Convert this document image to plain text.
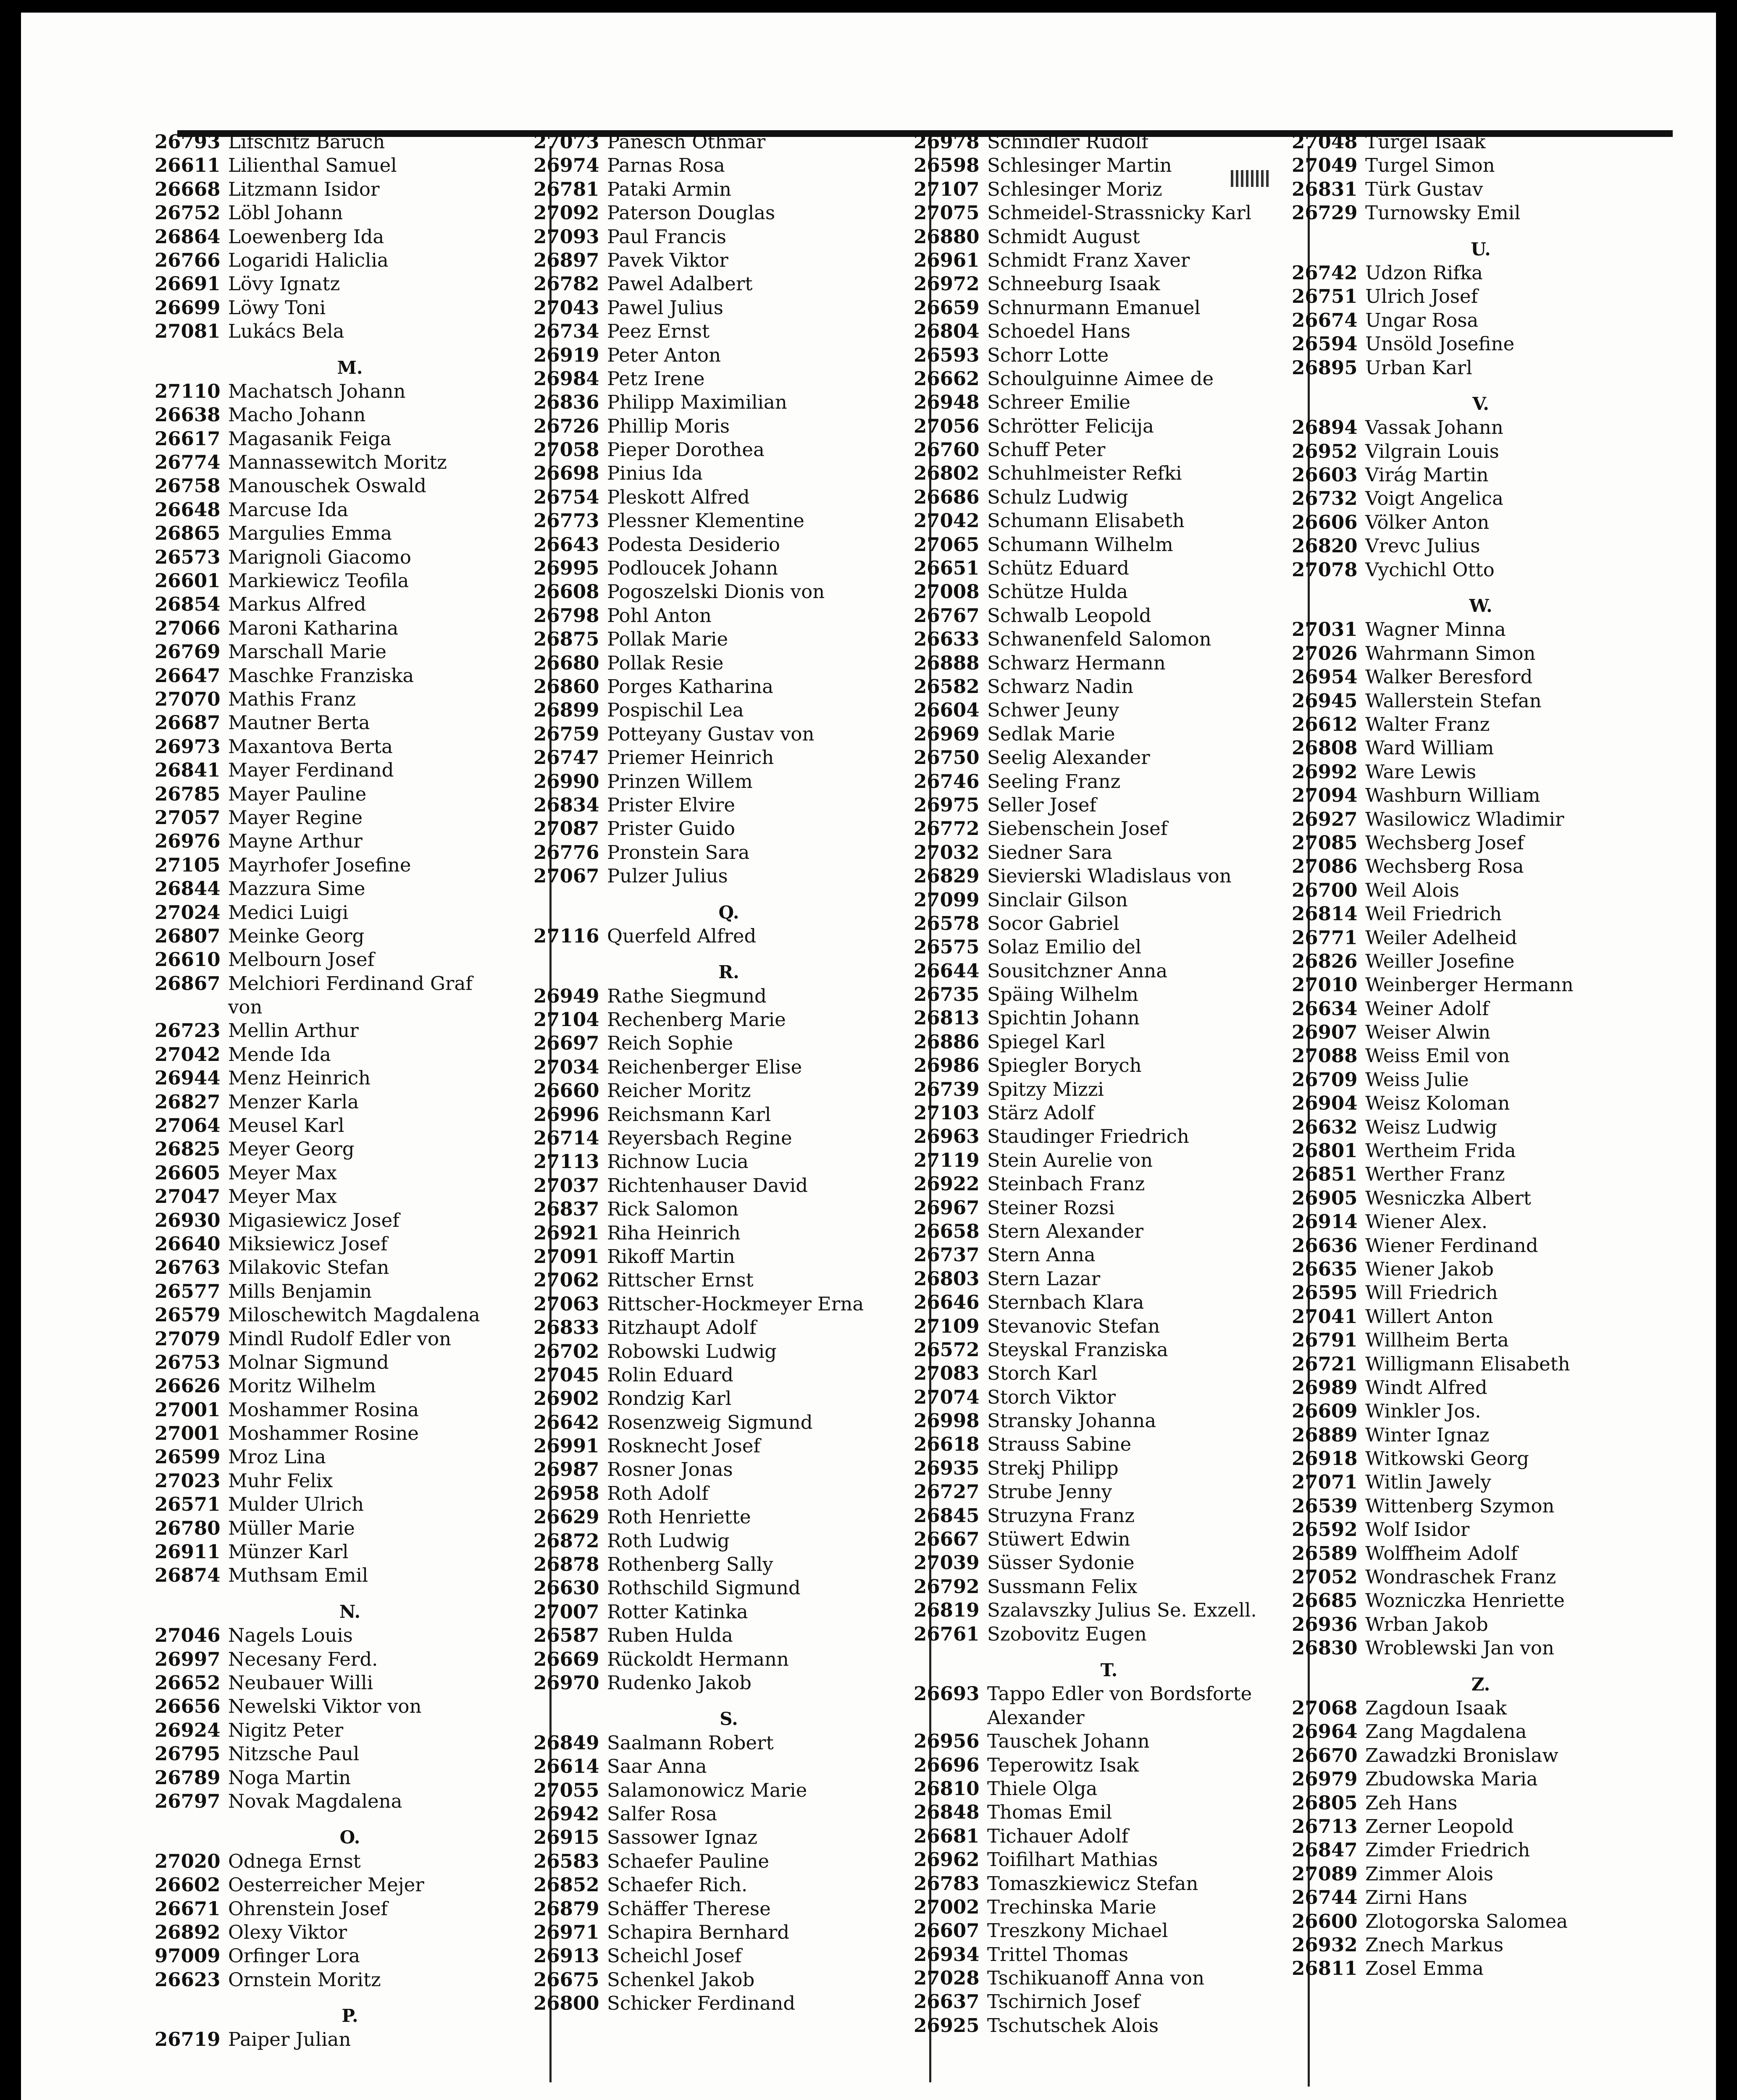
26793 Lifschitz Baruch
26611 Lilienthal Samuel
26668 Litzmann Isidor
26752 Löbl Johann
26864 Loewenberg Ida
26766 Logaridi Haliclia
26691 Lövy Ignatz
26699 Löwy Toni
27081 Lukács Bela
M.
27110 Machatsch Johann
26638 Macho Johann
26617 Magasanik Feiga
26774 Mannassewitch Moritz
26758 Manouschek Oswald
26648 Marcuse Ida
26865 Margulies Emma
26573 Marignoli Giacomo
26601 Markiewicz Teofila
26854 Markus Alfred
27066 Maroni Katharina
26769 Marschall Marie
26647 Maschke Franziska
27070 Mathis Franz
26687 Mautner Berta
26973 Maxantova Berta
26841 Mayer Ferdinand
26785 Mayer Pauline
27057 Mayer Regine
26976 Mayne Arthur
27105 Mayrhofer Josefine
26844 Mazzura Sime
27024 Medici Luigi
26807 Meinke Georg
26610 Melbourn Josef
26867 Melchiori Ferdinand Graf
von
26723 Mellin Arthur
27042 Mende Ida
26944 Menz Heinrich
26827 Menzer Karla
27064 Meusel Karl
26825 Meyer Georg
26605 Meyer Max
27047 Meyer Max
26930 Migasiewicz Josef
26640 Miksiewicz Josef
26763 Milakovic Stefan
26577 Mills Benjamin
26579 Miloschewitch Magdalena
27079 Mindl Rudolf Edler von
26753 Molnar Sigmund
26626 Moritz Wilhelm
27001 Moshammer Rosina
27001 Moshammer Rosine
26599 Mroz Lina
27023 Muhr Felix
26571 Mulder Ulrich
26780 Müller Marie
26911 Münzer Karl
26874 Muthsam Emil
N.
27046 Nagels Louis
26997 Necesany Ferd.
26652 Neubauer Willi
26656 Newelski Viktor von
26924 Nigitz Peter
26795 Nitzsche Paul
26789 Noga Martin
26797 Novak Magdalena
O.
27020 Odnega Ernst
26602 Oesterreicher Mejer
26671 Ohrenstein Josef
26892 Olexy Viktor
97009 Orfinger Lora
26623 Ornstein Moritz
P.
26719 Paiper Julian
27073 Panesch Othmar
26974 Parnas Rosa
26781 Pataki Armin
27092 Paterson Douglas
27093 Paul Francis
26897 Pavek Viktor
26782 Pawel Adalbert
27043 Pawel Julius
26734 Peez Ernst
26919 Peter Anton
26984 Petz Irene
26836 Philipp Maximilian
26726 Phillip Moris
27058 Pieper Dorothea
26698 Pinius Ida
26754 Pleskott Alfred
26773 Plessner Klementine
26643 Podesta Desiderio
26995 Podloucek Johann
26608 Pogoszelski Dionis von
26798 Pohl Anton
26875 Pollak Marie
26680 Pollak Resie
26860 Porges Katharina
26899 Pospischil Lea
26759 Potteyany Gustav von
26747 Priemer Heinrich
26990 Prinzen Willem
26834 Prister Elvire
27087 Prister Guido
26776 Pronstein Sara
27067 Pulzer Julius
Q.
27116 Querfeld Alfred
R.
26949 Rathe Siegmund
27104 Rechenberg Marie
26697 Reich Sophie
27034 Reichenberger Elise
26660 Reicher Moritz
26996 Reichsmann Karl
26714 Reyersbach Regine
27113 Richnow Lucia
27037 Richtenhauser David
26837 Rick Salomon
26921 Riha Heinrich
27091 Rikoff Martin
27062 Rittscher Ernst
27063 Rittscher-Hockmeyer Erna
26833 Ritzhaupt Adolf
26702 Robowski Ludwig
27045 Rolin Eduard
26902 Rondzig Karl
26642 Rosenzweig Sigmund
26991 Rosknecht Josef
26987 Rosner Jonas
26958 Roth Adolf
26629 Roth Henriette
26872 Roth Ludwig
26878 Rothenberg Sally
26630 Rothschild Sigmund
27007 Rotter Katinka
26587 Ruben Hulda
26669 Rückoldt Hermann
26970 Rudenko Jakob
S.
26849 Saalmann Robert
26614 Saar Anna
27055 Salamonowicz Marie
26942 Salfer Rosa
26915 Sassower Ignaz
26583 Schaefer Pauline
26852 Schaefer Rich.
26879 Schäffer Therese
26971 Schapira Bernhard
26913 Scheichl Josef
26675 Schenkel Jakob
26800 Schicker Ferdinand
26978 Schindler Rudolf
26598 Schlesinger Martin
27107 Schlesinger Moriz
27075 Schmeidel-Strassnicky Karl
26880 Schmidt August
26961 Schmidt Franz Xaver
26972 Schneeburg Isaak
26659 Schnurmann Emanuel
26804 Schoedel Hans
26593 Schorr Lotte
26662 Schoulguinne Aimee de
26948 Schreer Emilie
27056 Schrötter Felicija
26760 Schuff Peter
26802 Schuhlmeister Refki
26686 Schulz Ludwig
27042 Schumann Elisabeth
27065 Schumann Wilhelm
26651 Schütz Eduard
27008 Schütze Hulda
26767 Schwalb Leopold
26633 Schwanenfeld Salomon
26888 Schwarz Hermann
26582 Schwarz Nadin
26604 Schwer Jeuny
26969 Sedlak Marie
26750 Seelig Alexander
26746 Seeling Franz
26975 Seller Josef
26772 Siebenschein Josef
27032 Siedner Sara
26829 Sievierski Wladislaus von
27099 Sinclair Gilson
26578 Socor Gabriel
26575 Solaz Emilio del
26644 Sousitchzner Anna
26735 Späing Wilhelm
26813 Spichtin Johann
26886 Spiegel Karl
26986 Spiegler Borych
26739 Spitzy Mizzi
27103 Stärz Adolf
26963 Staudinger Friedrich
27119 Stein Aurelie von
26922 Steinbach Franz
26967 Steiner Rozsi
26658 Stern Alexander
26737 Stern Anna
26803 Stern Lazar
26646 Sternbach Klara
27109 Stevanovic Stefan
26572 Steyskal Franziska
27083 Storch Karl
27074 Storch Viktor
26998 Stransky Johanna
26618 Strauss Sabine
26935 Strekj Philipp
26727 Strube Jenny
26845 Struzyna Franz
26667 Stüwert Edwin
27039 Süsser Sydonie
26792 Sussmann Felix
26819 Szalavszky Julius Se. Exzell.
26761 Szobovitz Eugen
T.
26693 Tappo Edler von Bordsforte
Alexander
26956 Tauschek Johann
26696 Teperowitz Isak
26810 Thiele Olga
26848 Thomas Emil
26681 Tichauer Adolf
26962 Toifilhart Mathias
26783 Tomaszkiewicz Stefan
27002 Trechinska Marie
26607 Treszkony Michael
26934 Trittel Thomas
27028 Tschikuanoff Anna von
26637 Tschirnich Josef
26925 Tschutschek Alois
27048 Turgel Isaak
27049 Turgel Simon
26831 Türk Gustav
26729 Turnowsky Emil
U.
26742 Udzon Rifka
26751 Ulrich Josef
26674 Ungar Rosa
26594 Unsöld Josefine
26895 Urban Karl
V.
26894 Vassak Johann
26952 Vilgrain Louis
26603 Virág Martin
26732 Voigt Angelica
26606 Völker Anton
26820 Vrevc Julius
27078 Vychichl Otto
W.
27031 Wagner Minna
27026 Wahrmann Simon
26954 Walker Beresford
26945 Wallerstein Stefan
26612 Walter Franz
26808 Ward William
26992 Ware Lewis
27094 Washburn William
26927 Wasilowicz Wladimir
27085 Wechsberg Josef
27086 Wechsberg Rosa
26700 Weil Alois
26814 Weil Friedrich
26771 Weiler Adelheid
26826 Weiller Josefine
27010 Weinberger Hermann
26634 Weiner Adolf
26907 Weiser Alwin
27088 Weiss Emil von
26709 Weiss Julie
26904 Weisz Koloman
26632 Weisz Ludwig
26801 Wertheim Frida
26851 Werther Franz
26905 Wesniczka Albert
26914 Wiener Alex.
26636 Wiener Ferdinand
26635 Wiener Jakob
26595 Will Friedrich
27041 Willert Anton
26791 Willheim Berta
26721 Willigmann Elisabeth
26989 Windt Alfred
26609 Winkler Jos.
26889 Winter Ignaz
26918 Witkowski Georg
27071 Witlin Jawely
26539 Wittenberg Szymon
26592 Wolf Isidor
26589 Wolffheim Adolf
27052 Wondraschek Franz
26685 Wozniczka Henriette
26936 Wrban Jakob
26830 Wroblewski Jan von
Z.
27068 Zagdoun Isaak
26964 Zang Magdalena
26670 Zawadzki Bronislaw
26979 Zbudowska Maria
26805 Zeh Hans
26713 Zerner Leopold
26847 Zimder Friedrich
27089 Zimmer Alois
26744 Zirni Hans
26600 Zlotogorska Salomea
26932 Znech Markus
26811 Zosel Emma
